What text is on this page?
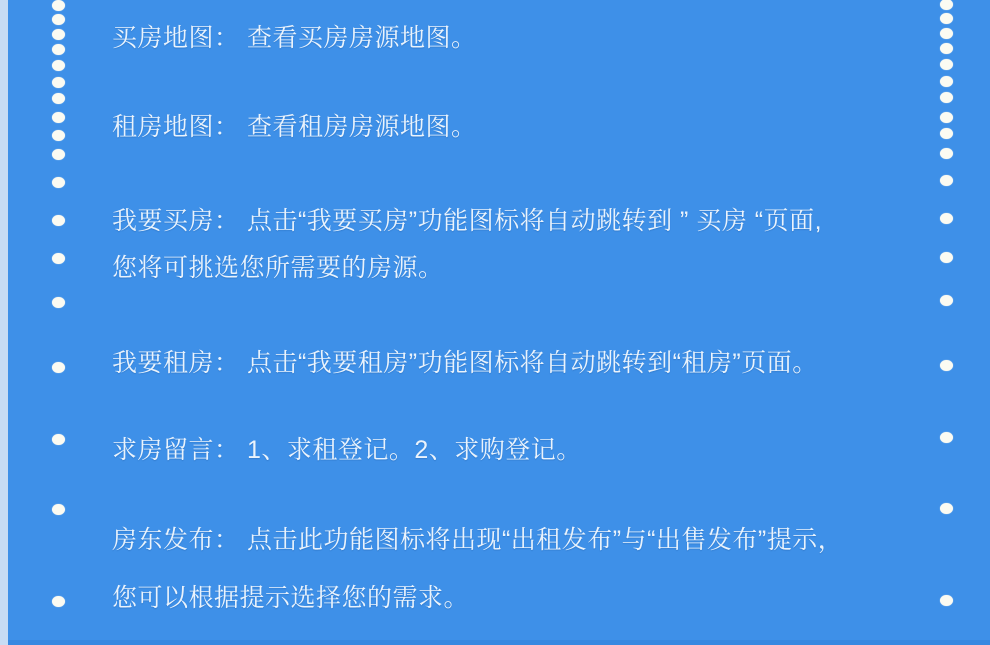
买房地图： 查看买房房源地图。
租房地图： 查看租房房源地图。
我要买房： 点击“我要买房”功能图标将自动跳转到 ” 买房 “页面,
您将可挑选您所需要的房源。
我要租房： 点击“我要租房”功能图标将自动跳转到“租房”页面。
求房留言： 1、求租登记。2、求购登记。
房东发布： 点击此功能图标将出现“出租发布”与“出售发布”提示，
您可以根据提示选择您的需求。
